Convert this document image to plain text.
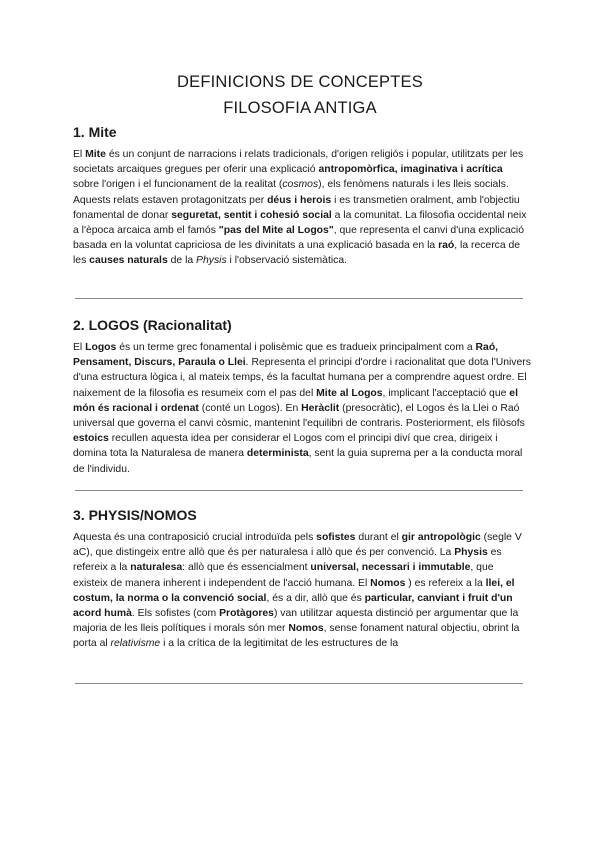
DEFINICIONS DE CONCEPTES
FILOSOFIA ANTIGA
1. Mite

El Mite és un conjunt de narracions i relats tradicionals, d'origen religiós i popular, utilitzats per les societats arcaiques gregues per oferir una explicació antropomòrfica, imaginativa i acrítica sobre l'origen i el funcionament de la realitat (cosmos), els fenòmens naturals i les lleis socials. Aquests relats estaven protagonitzats per déus i herois i es transmetien oralment, amb l'objectiu fonamental de donar seguretat, sentit i cohesió social a la comunitat. La filosofia occidental neix a l'època arcaica amb el famós "pas del Mite al Logos", que representa el canvi d'una explicació basada en la voluntat capriciosa de les divinitats a una explicació basada en la raó, la recerca de les causes naturals de la Physis i l'observació sistemàtica.

2. LOGOS (Racionalitat)

El Logos és un terme grec fonamental i polisèmic que es tradueix principalment com a Raó, Pensament, Discurs, Paraula o Llei. Representa el principi d'ordre i racionalitat que dota l'Univers d'una estructura lògica i, al mateix temps, és la facultat humana per a comprendre aquest ordre. El naixement de la filosofia es resumeix com el pas del Mite al Logos, implicant l'acceptació que el món és racional i ordenat (conté un Logos). En Heràclit (presocràtic), el Logos és la Llei o Raó universal que governa el canvi còsmic, mantenint l'equilibri de contraris. Posteriorment, els filòsofs estoics recullen aquesta idea per considerar el Logos com el principi diví que crea, dirigeix i domina tota la Naturalesa de manera determinista, sent la guia suprema per a la conducta moral de l'individu.

3. PHYSIS/NOMOS

Aquesta és una contraposició crucial introduïda pels sofistes durant el gir antropològic (segle V aC), que distingeix entre allò que és per naturalesa i allò que és per convenció. La Physis es refereix a la naturalesa: allò que és essencialment universal, necessari i immutable, que existeix de manera inherent i independent de l'acció humana. El Nomos ) es refereix a la llei, el costum, la norma o la convenció social, és a dir, allò que és particular, canviant i fruit d'un acord humà. Els sofistes (com Protàgores) van utilitzar aquesta distinció per argumentar que la majoria de les lleis polítiques i morals són mer Nomos, sense fonament natural objectiu, obrint la porta al relativisme i a la crítica de la legitimitat de les estructures de la
